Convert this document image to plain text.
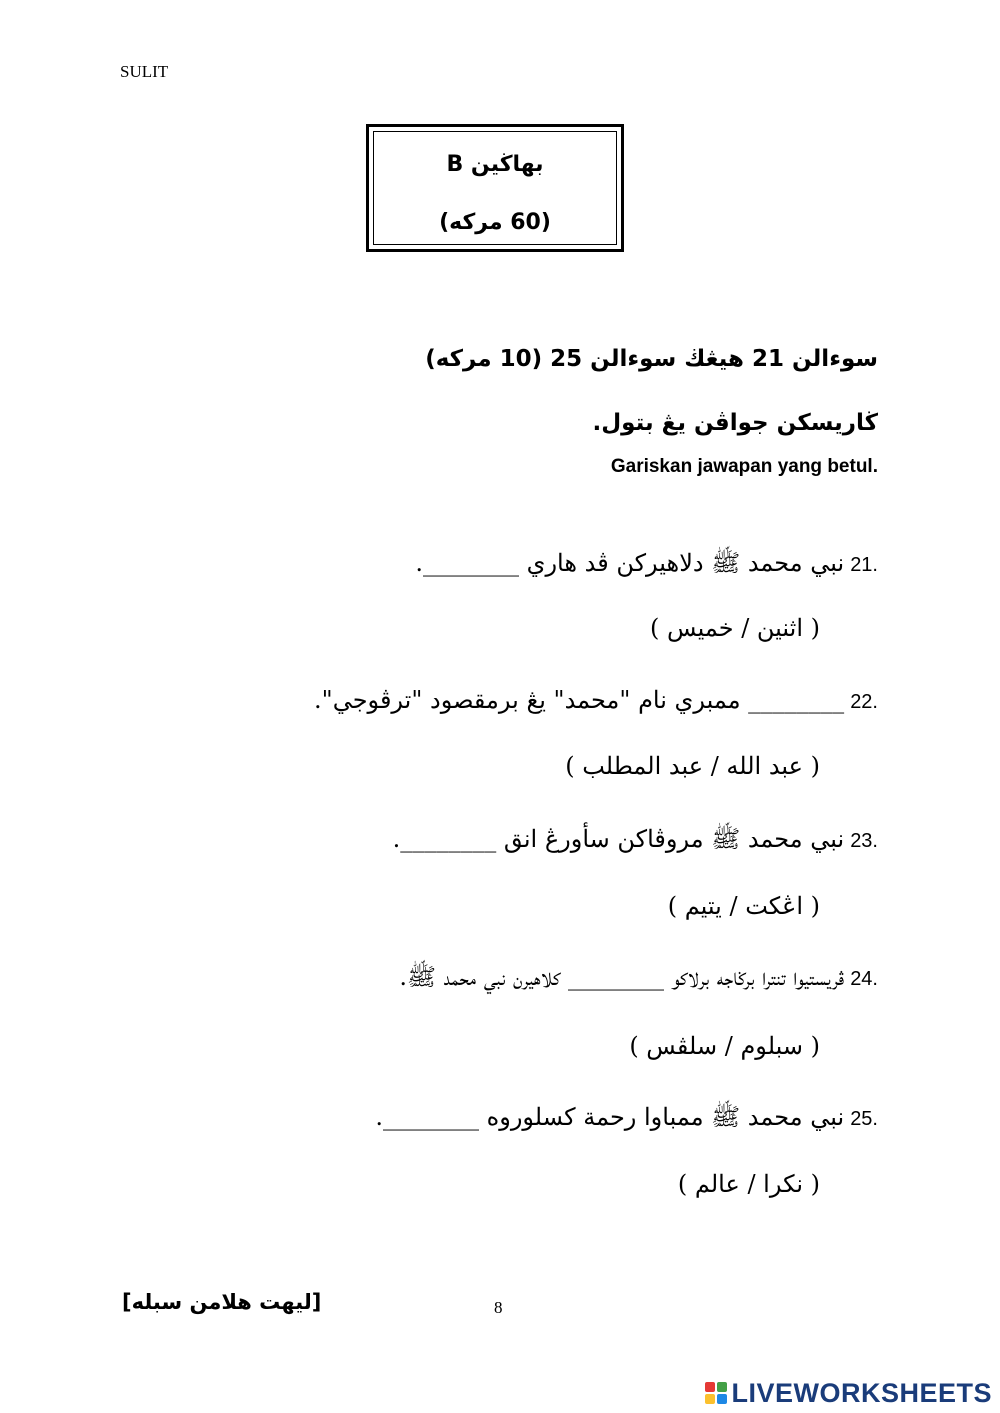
SULIT
بهاڬين B
(60 مركه)
سوءالن 21 هيڠڬ سوءالن 25 (10 مركه)
ڬاريسكن جواڤن يڠ بتول.
Gariskan jawapan yang betul.
21.
نبي محمد ﷺ دلاهيركن ڤد هاري ________.
( اثنين / خميس )
22.
________ ممبري نام "محمد" يڠ برمقصود "ترڤوجي".
( عبد الله / عبد المطلب )
23.
نبي محمد ﷺ مروڤاكن سأورڠ انق ________.
( اڠكت / يتيم )
24.
ڤريستيوا تنترا برڬاجه برلاكو ________ كلاهيرن نبي محمد ﷺ.
( سبلوم / سلڤس )
25.
نبي محمد ﷺ ممباوا رحمة كسلوروه ________.
( نكرا / عالم )
[ليهت هلامن سبله]	8
LIVEWORKSHEETS
